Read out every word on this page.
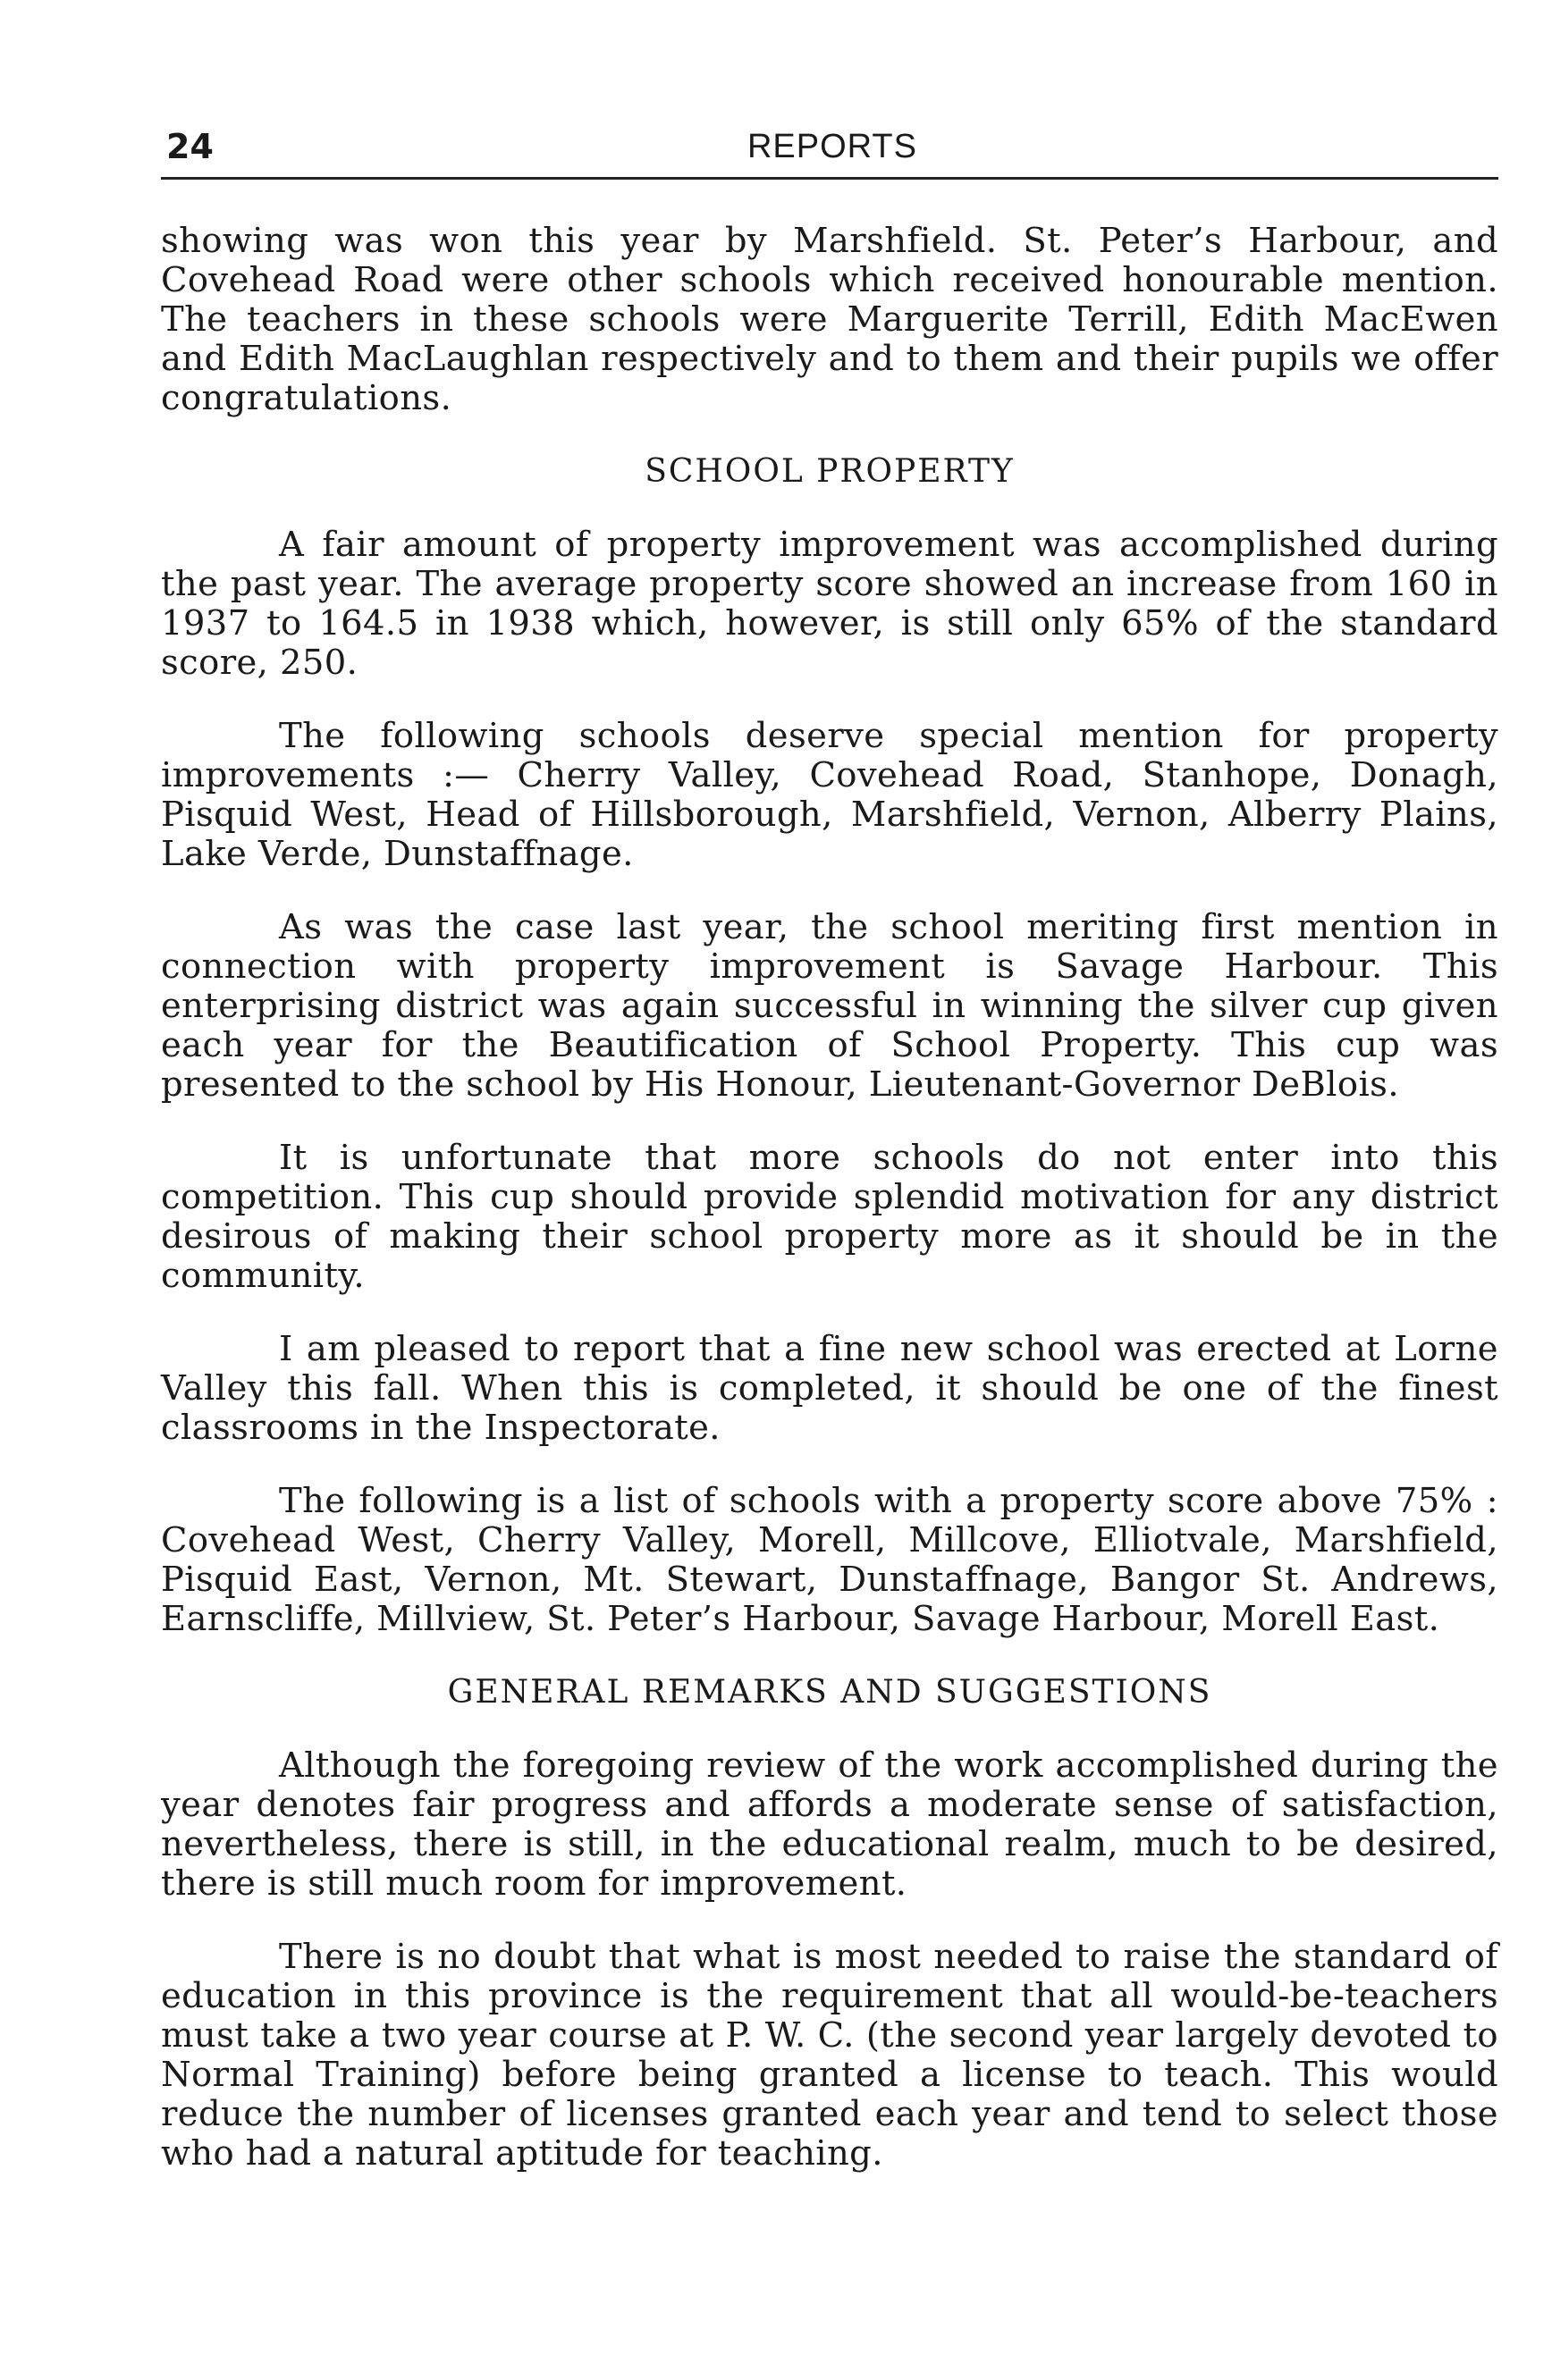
24	REPORTS

showing was won this year by Marshfield. St. Peter’s Harbour, and Covehead Road were other schools which received honourable mention. The teachers in these schools were Marguerite Terrill, Edith MacEwen and Edith MacLaughlan respectively and to them and their pupils we offer congratulations.

SCHOOL PROPERTY

A fair amount of property improvement was accomplished during the past year. The average property score showed an increase from 160 in 1937 to 164.5 in 1938 which, however, is still only 65% of the standard score, 250.

The following schools deserve special mention for property improvements :— Cherry Valley, Covehead Road, Stanhope, Donagh, Pisquid West, Head of Hillsborough, Marshfield, Vernon, Alberry Plains, Lake Verde, Dunstaffnage.

As was the case last year, the school meriting first mention in connection with property improvement is Savage Harbour. This enterprising district was again successful in winning the silver cup given each year for the Beautification of School Property. This cup was presented to the school by His Honour, Lieutenant-Governor DeBlois.

It is unfortunate that more schools do not enter into this competition. This cup should provide splendid motivation for any district desirous of making their school property more as it should be in the community.

I am pleased to report that a fine new school was erected at Lorne Valley this fall. When this is completed, it should be one of the finest classrooms in the Inspectorate.

The following is a list of schools with a property score above 75% : Covehead West, Cherry Valley, Morell, Millcove, Elliotvale, Marshfield, Pisquid East, Vernon, Mt. Stewart, Dunstaffnage, Bangor St. Andrews, Earnscliffe, Millview, St. Peter’s Harbour, Savage Harbour, Morell East.

GENERAL REMARKS AND SUGGESTIONS

Although the foregoing review of the work accomplished during the year denotes fair progress and affords a moderate sense of satisfaction, nevertheless, there is still, in the educational realm, much to be desired, there is still much room for improvement.

There is no doubt that what is most needed to raise the standard of education in this province is the requirement that all would-be-teachers must take a two year course at P. W. C. (the second year largely devoted to Normal Training) before being granted a license to teach. This would reduce the number of licenses granted each year and tend to select those who had a natural aptitude for teaching.
